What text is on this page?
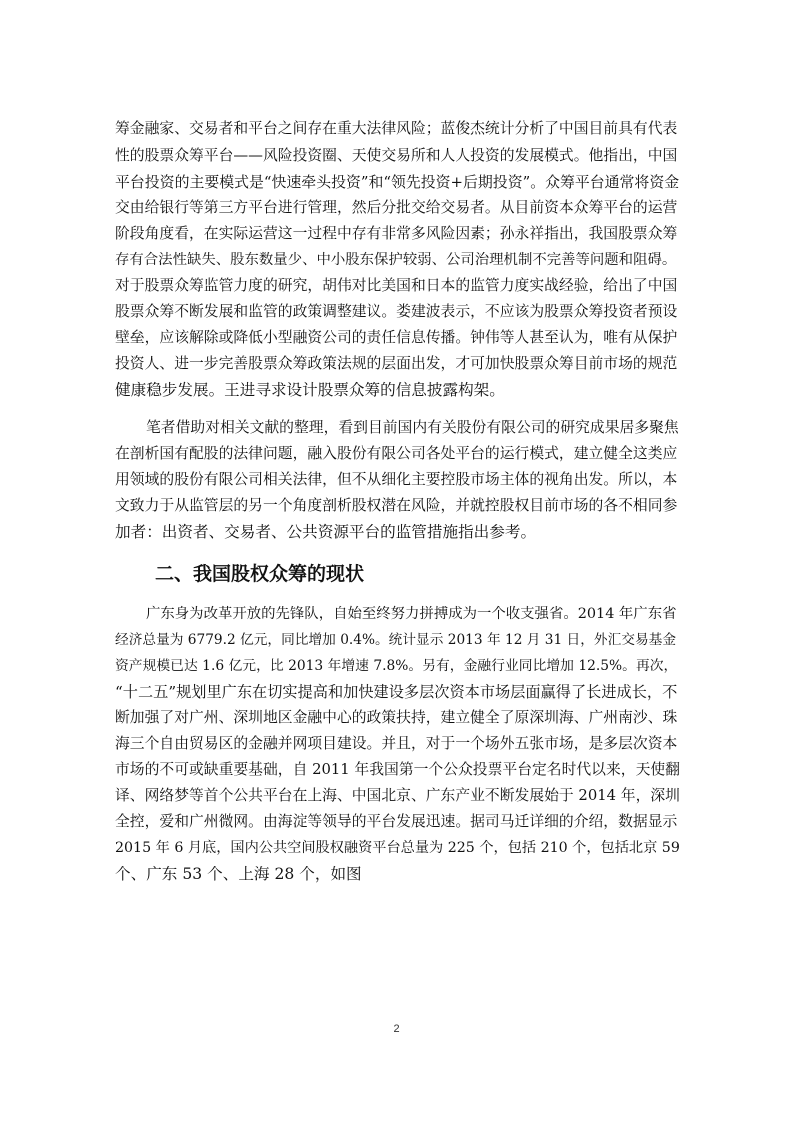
筹金融家、交易者和平台之间存在重大法律风险；蓝俊杰统计分析了中国目前具有代表
性的股票众筹平台——风险投资圈、天使交易所和人人投资的发展模式。他指出，中国
平台投资的主要模式是“快速牵头投资”和“领先投资+后期投资”。众筹平台通常将资金
交由给银行等第三方平台进行管理，然后分批交给交易者。从目前资本众筹平台的运营
阶段角度看，在实际运营这一过程中存有非常多风险因素；孙永祥指出，我国股票众筹
存有合法性缺失、股东数量少、中小股东保护较弱、公司治理机制不完善等问题和阻碍。
对于股票众筹监管力度的研究，胡伟对比美国和日本的监管力度实战经验，给出了中国
股票众筹不断发展和监管的政策调整建议。娄建波表示，不应该为股票众筹投资者预设
壁垒，应该解除或降低小型融资公司的责任信息传播。钟伟等人甚至认为，唯有从保护
投资人、进一步完善股票众筹政策法规的层面出发，才可加快股票众筹目前市场的规范
健康稳步发展。王进寻求设计股票众筹的信息披露构架。
笔者借助对相关文献的整理，看到目前国内有关股份有限公司的研究成果居多聚焦
在剖析国有配股的法律问题，融入股份有限公司各处平台的运行模式，建立健全这类应
用领域的股份有限公司相关法律，但不从细化主要控股市场主体的视角出发。所以，本
文致力于从监管层的另一个角度剖析股权潜在风险，并就控股权目前市场的各不相同参
加者：出资者、交易者、公共资源平台的监管措施指出参考。
二、我国股权众筹的现状
广东身为改革开放的先锋队，自始至终努力拼搏成为一个收支强省。2014 年广东省
经济总量为 6779.2 亿元，同比增加 0.4%。统计显示 2013 年 12 月 31 日，外汇交易基金
资产规模已达 1.6 亿元，比 2013 年增速 7.8%。另有，金融行业同比增加 12.5%。再次，
“十二五”规划里广东在切实提高和加快建设多层次资本市场层面赢得了长进成长，不
断加强了对广州、深圳地区金融中心的政策扶持，建立健全了原深圳海、广州南沙、珠
海三个自由贸易区的金融并网项目建设。并且，对于一个场外五张市场，是多层次资本
市场的不可或缺重要基础，自 2011 年我国第一个公众投票平台定名时代以来，天使翻
译、网络梦等首个公共平台在上海、中国北京、广东产业不断发展始于 2014 年，深圳
全控，爱和广州微网。由海淀等领导的平台发展迅速。据司马迁详细的介绍，数据显示
2015 年 6 月底，国内公共空间股权融资平台总量为 225 个，包括 210 个，包括北京 59
个、广东 53 个、上海 28 个，如图
2
